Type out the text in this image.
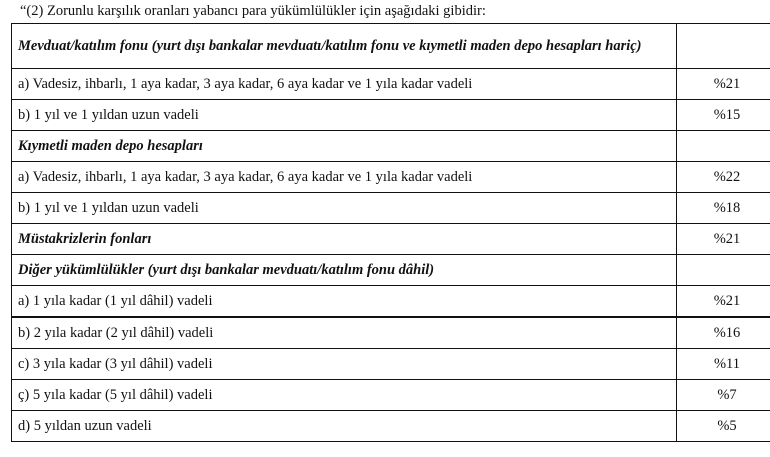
“(2) Zorunlu karşılık oranları yabancı para yükümlülükler için aşağıdaki gibidir:
Mevduat/katılım fonu (yurt dışı bankalar mevduatı/katılım fonu ve kıymetli maden depo hesapları hariç)	
a) Vadesiz, ihbarlı, 1 aya kadar, 3 aya kadar, 6 aya kadar ve 1 yıla kadar vadeli	%21
b) 1 yıl ve 1 yıldan uzun vadeli	%15
Kıymetli maden depo hesapları	
a) Vadesiz, ihbarlı, 1 aya kadar, 3 aya kadar, 6 aya kadar ve 1 yıla kadar vadeli	%22
b) 1 yıl ve 1 yıldan uzun vadeli	%18
Müstakrizlerin fonları	%21
Diğer yükümlülükler (yurt dışı bankalar mevduatı/katılım fonu dâhil)	
a) 1 yıla kadar (1 yıl dâhil) vadeli	%21
b) 2 yıla kadar (2 yıl dâhil) vadeli	%16
c) 3 yıla kadar (3 yıl dâhil) vadeli	%11
ç) 5 yıla kadar (5 yıl dâhil) vadeli	%7
d) 5 yıldan uzun vadeli	%5
